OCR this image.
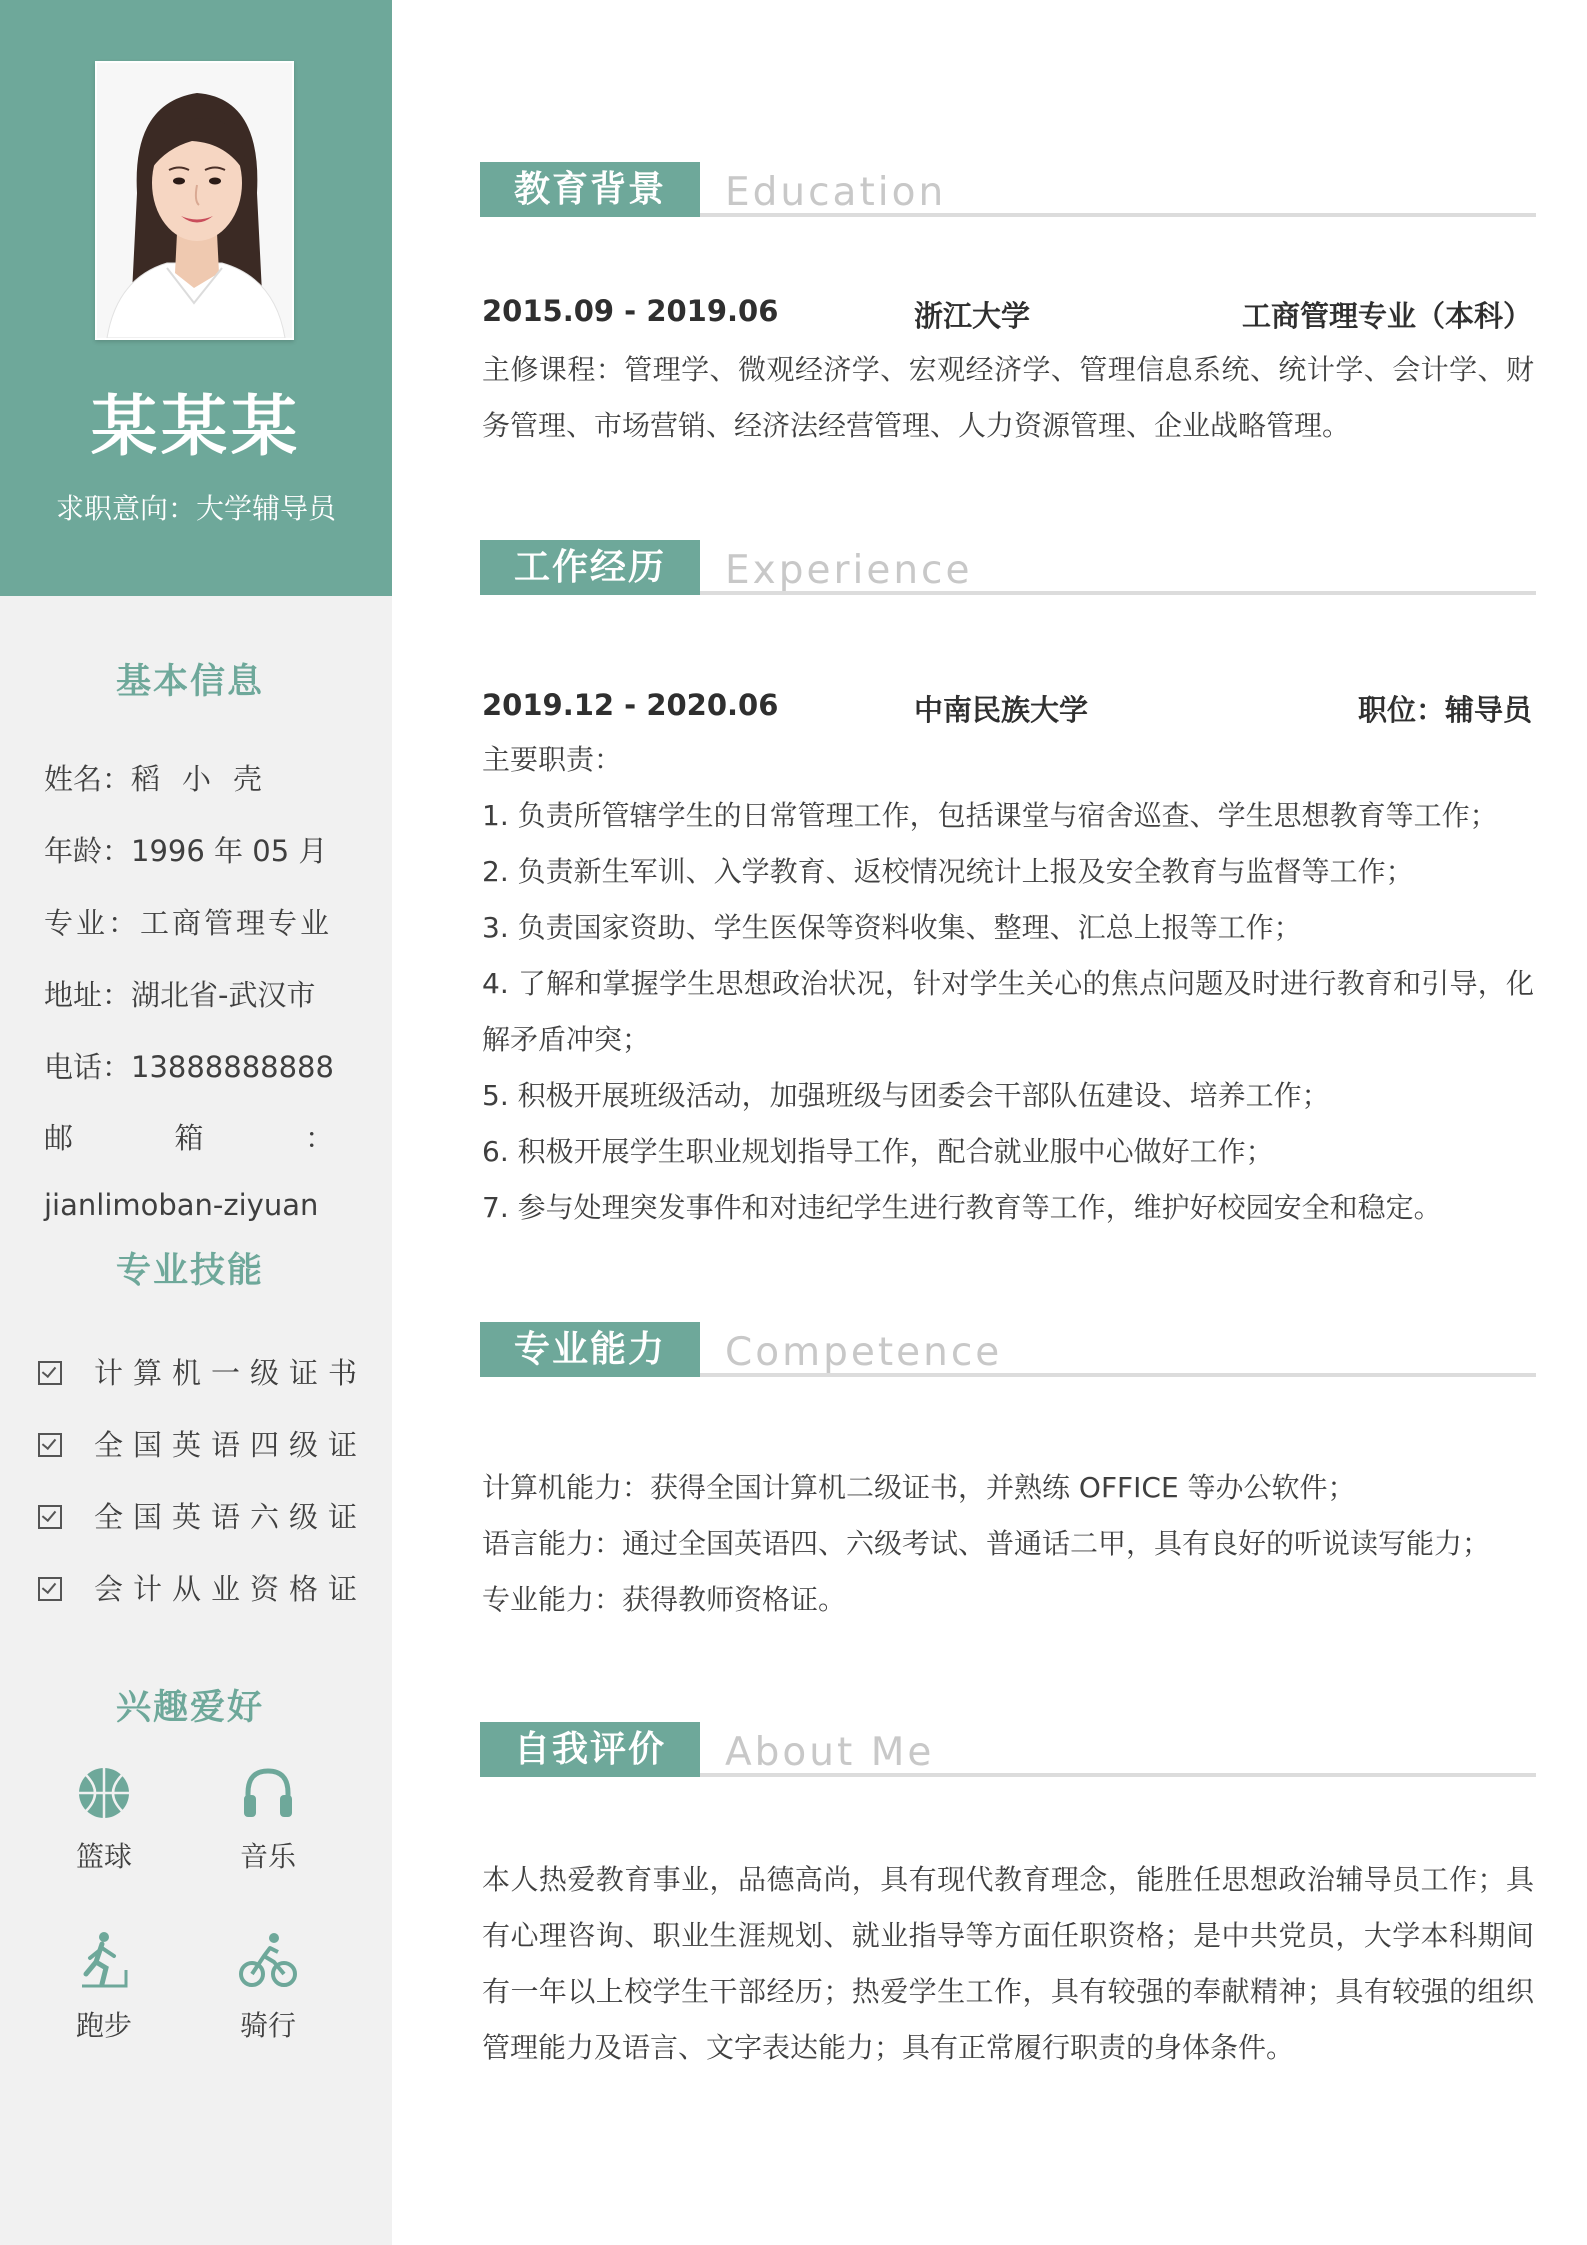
某某某
求职意向：大学辅导员
基本信息
姓名：稻小壳
年龄：1996 年 05 月
专业：工商管理专业
地址：湖北省-武汉市
电话：13888888888
邮	箱	：
jianlimoban-ziyuan
专业技能
计算机一级证书
全国英语四级证
全国英语六级证
会计从业资格证
兴趣爱好
篮球	音乐
跑步	骑行
教育背景	Education
2015.09 - 2019.06	浙江大学	工商管理专业（本科）

主修课程：管理学、微观经济学、宏观经济学、管理信息系统、统计学、会计学、财务管理、市场营销、经济法经营管理、人力资源管理、企业战略管理。

工作经历	Experience
2019.12 - 2020.06	中南民族大学	职位：辅导员

主要职责：

1. 负责所管辖学生的日常管理工作，包括课堂与宿舍巡查、学生思想教育等工作；

2. 负责新生军训、入学教育、返校情况统计上报及安全教育与监督等工作；

3. 负责国家资助、学生医保等资料收集、整理、汇总上报等工作；

4. 了解和掌握学生思想政治状况，针对学生关心的焦点问题及时进行教育和引导，化解矛盾冲突；

5. 积极开展班级活动，加强班级与团委会干部队伍建设、培养工作；

6. 积极开展学生职业规划指导工作，配合就业服中心做好工作；

7. 参与处理突发事件和对违纪学生进行教育等工作，维护好校园安全和稳定。

专业能力	Competence

计算机能力：获得全国计算机二级证书，并熟练 OFFICE 等办公软件；

语言能力：通过全国英语四、六级考试、普通话二甲，具有良好的听说读写能力；

专业能力：获得教师资格证。

自我评价	About Me

本人热爱教育事业，品德高尚，具有现代教育理念，能胜任思想政治辅导员工作；具有心理咨询、职业生涯规划、就业指导等方面任职资格；是中共党员，大学本科期间有一年以上校学生干部经历；热爱学生工作，具有较强的奉献精神；具有较强的组织管理能力及语言、文字表达能力；具有正常履行职责的身体条件。
